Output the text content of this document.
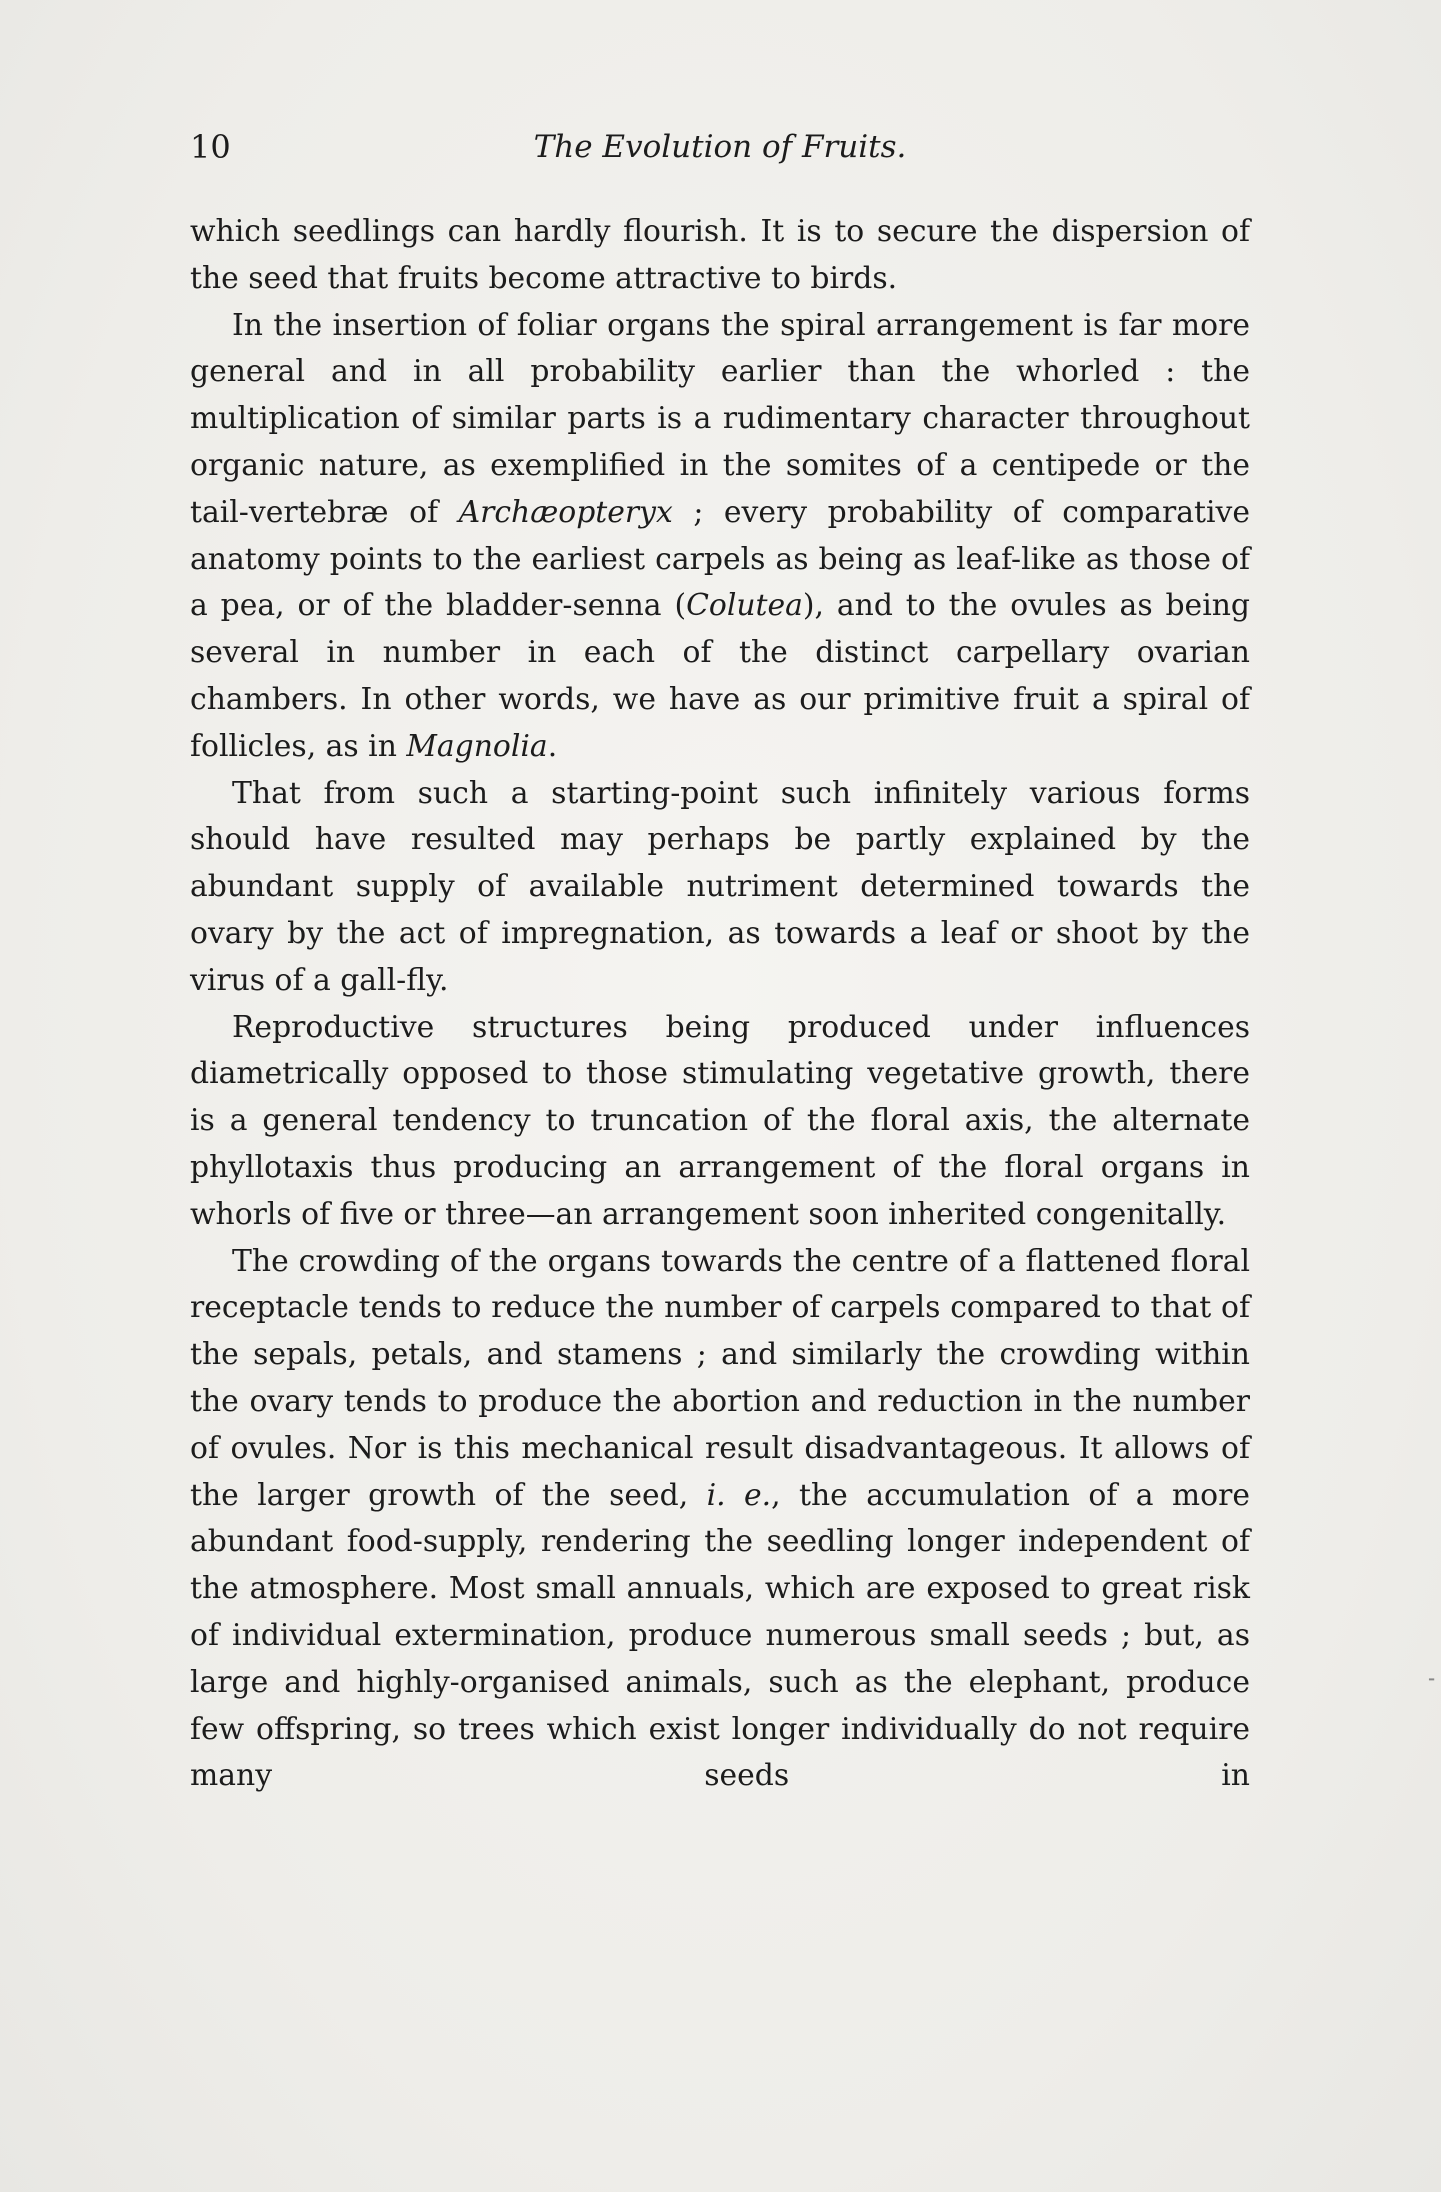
10	The Evolution of Fruits.

which seedlings can hardly flourish. It is to secure the dispersion of the seed that fruits become attractive to birds.

In the insertion of foliar organs the spiral arrangement is far more general and in all probability earlier than the whorled : the multiplication of similar parts is a rudimentary character throughout organic nature, as exemplified in the somites of a centipede or the tail-vertebræ of Archæopteryx ; every probability of comparative anatomy points to the earliest carpels as being as leaf-like as those of a pea, or of the bladder-senna (Colutea), and to the ovules as being several in number in each of the distinct carpellary ovarian chambers. In other words, we have as our primitive fruit a spiral of follicles, as in Magnolia.

That from such a starting-point such infinitely various forms should have resulted may perhaps be partly explained by the abundant supply of available nutriment determined towards the ovary by the act of impregnation, as towards a leaf or shoot by the virus of a gall-fly.

Reproductive structures being produced under influences diametrically opposed to those stimulating vegetative growth, there is a general tendency to truncation of the floral axis, the alternate phyllotaxis thus producing an arrangement of the floral organs in whorls of five or three—an arrangement soon inherited congenitally.

The crowding of the organs towards the centre of a flattened floral receptacle tends to reduce the number of carpels compared to that of the sepals, petals, and stamens ; and similarly the crowding within the ovary tends to produce the abortion and reduction in the number of ovules. Nor is this mechanical result disadvantageous. It allows of the larger growth of the seed, i. e., the accumulation of a more abundant food-supply, rendering the seedling longer independent of the atmosphere. Most small annuals, which are exposed to great risk of individual extermination, produce numerous small seeds ; but, as large and highly-organised animals, such as the elephant, produce few offspring, so trees which exist longer individually do not require many seeds in

⁃
